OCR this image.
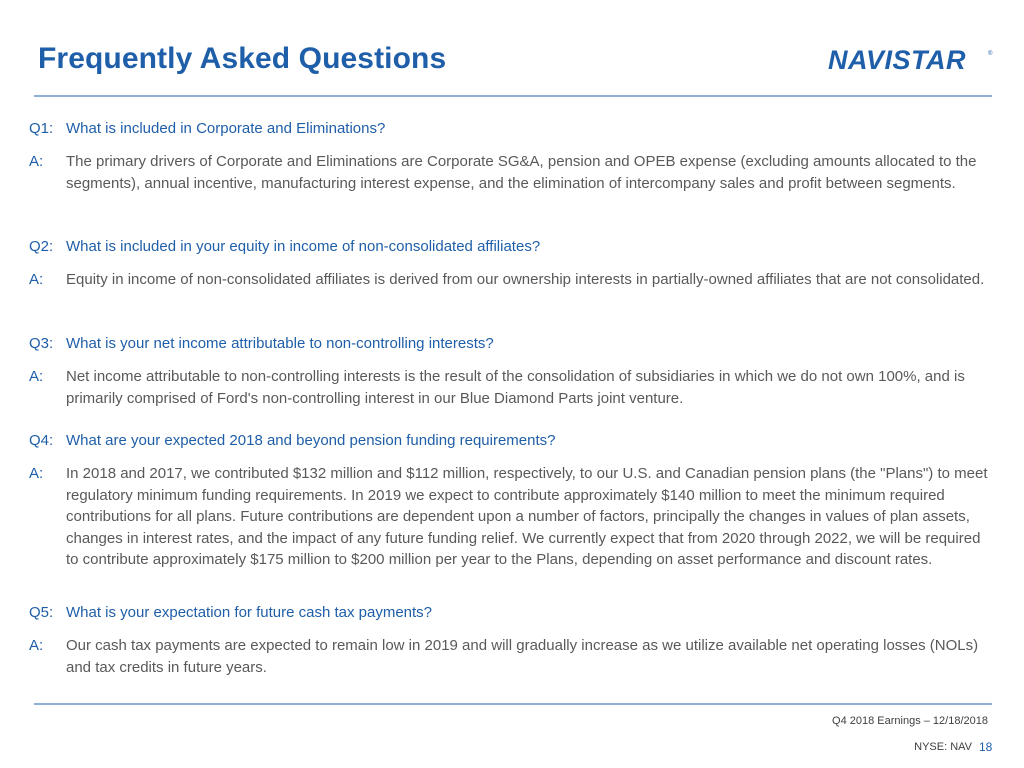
Frequently Asked Questions	NAVISTAR	®
Q1: What is included in Corporate and Eliminations?
A:	The primary drivers of Corporate and Eliminations are Corporate SG&A, pension and OPEB expense (excluding amounts allocated to the segments), annual incentive, manufacturing interest expense, and the elimination of intercompany sales and profit between segments.
Q2: What is included in your equity in income of non-consolidated affiliates?
A:	Equity in income of non-consolidated affiliates is derived from our ownership interests in partially-owned affiliates that are not consolidated.
Q3: What is your net income attributable to non-controlling interests?
A:	Net income attributable to non-controlling interests is the result of the consolidation of subsidiaries in which we do not own 100%, and is primarily comprised of Ford's non-controlling interest in our Blue Diamond Parts joint venture.
Q4: What are your expected 2018 and beyond pension funding requirements?
A:	In 2018 and 2017, we contributed $132 million and $112 million, respectively, to our U.S. and Canadian pension plans (the "Plans") to meet regulatory minimum funding requirements. In 2019 we expect to contribute approximately $140 million to meet the minimum required contributions for all plans. Future contributions are dependent upon a number of factors, principally the changes in values of plan assets, changes in interest rates, and the impact of any future funding relief. We currently expect that from 2020 through 2022, we will be required to contribute approximately $175 million to $200 million per year to the Plans, depending on asset performance and discount rates.
Q5: What is your expectation for future cash tax payments?
A:	Our cash tax payments are expected to remain low in 2019 and will gradually increase as we utilize available net operating losses (NOLs) and tax credits in future years.
Q4 2018 Earnings – 12/18/2018
NYSE: NAV 18
